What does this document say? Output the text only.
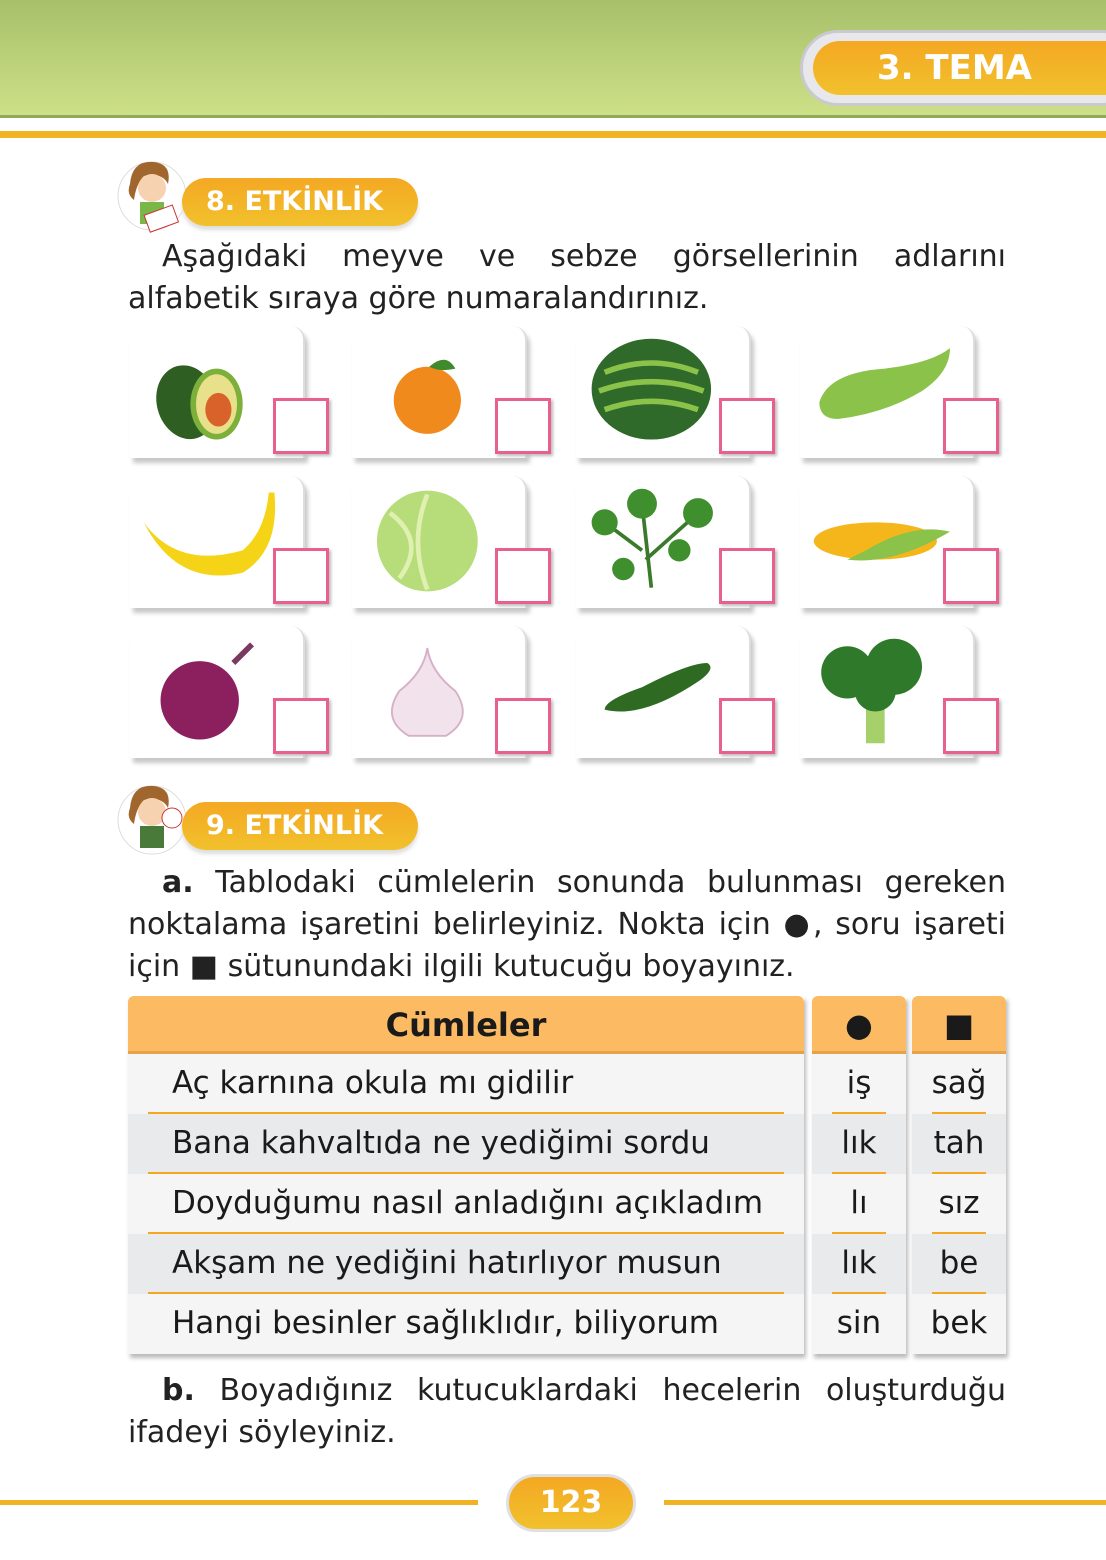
3. TEMA
8. ETKİNLİK

Aşağıdaki meyve ve sebze görsellerinin adlarını alfabetik sıraya göre numaralandırınız.

9. ETKİNLİK

a. Tablodaki cümlelerin sonunda bulunması gereken noktalama işaretini belirleyiniz. Nokta için ●, soru işareti için ■ sütunundaki ilgili kutucuğu boyayınız.

Cümleler
Aç karnına okula mı gidilir
Bana kahvaltıda ne yediğimi sordu
Doyduğumu nasıl anladığını açıkladım
Akşam ne yediğini hatırlıyor musun
Hangi besinler sağlıklıdır, biliyorum
●
iş
lık
lı
lık
sin
■
sağ
tah
sız
be
bek

b. Boyadığınız kutucuklardaki hecelerin oluşturduğu ifadeyi söyleyiniz.

123
